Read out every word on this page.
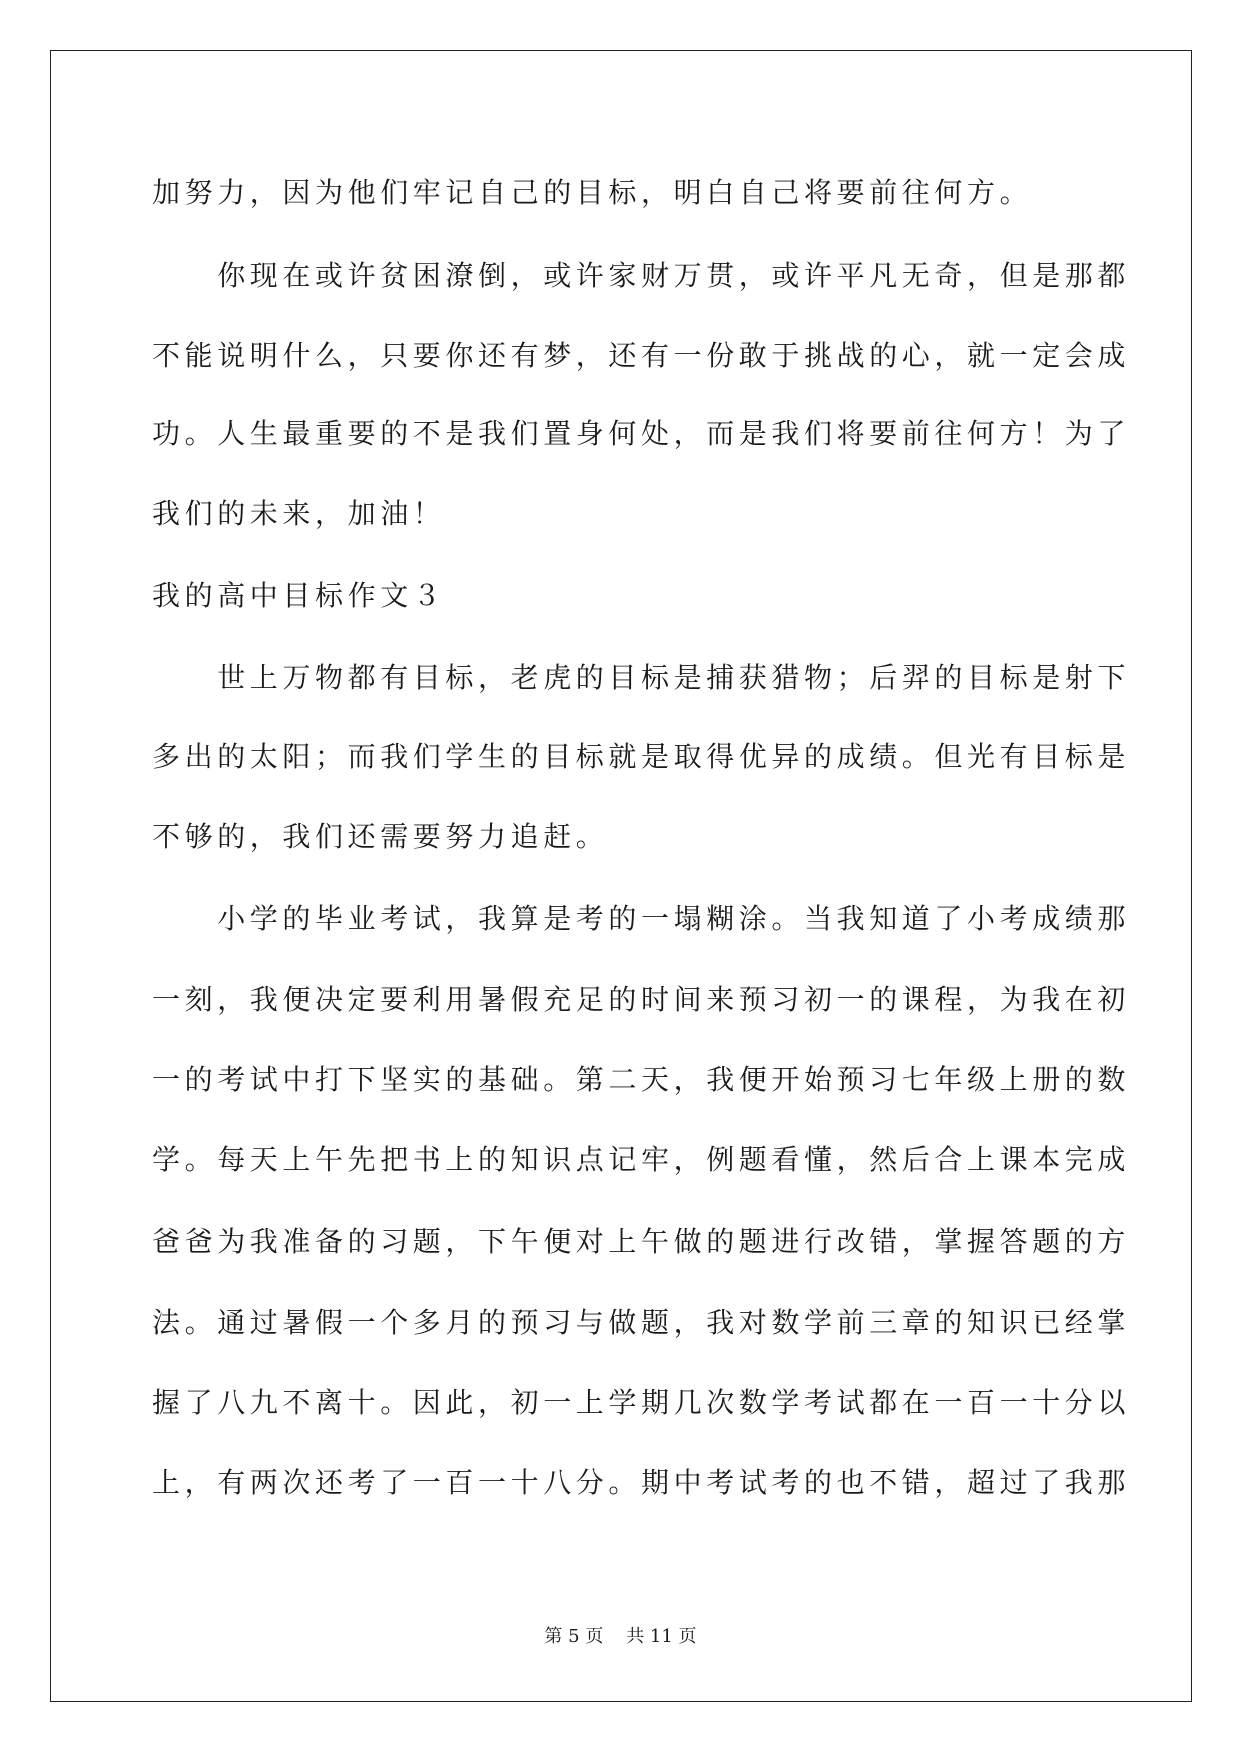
加努力，因为他们牢记自己的目标，明白自己将要前往何方。
　　你现在或许贫困潦倒，或许家财万贯，或许平凡无奇，但是那都
不能说明什么，只要你还有梦，还有一份敢于挑战的心，就一定会成
功。人生最重要的不是我们置身何处，而是我们将要前往何方！为了
我们的未来，加油！
我的高中目标作文３
　　世上万物都有目标，老虎的目标是捕获猎物；后羿的目标是射下
多出的太阳；而我们学生的目标就是取得优异的成绩。但光有目标是
不够的，我们还需要努力追赶。
　　小学的毕业考试，我算是考的一塌糊涂。当我知道了小考成绩那
一刻，我便决定要利用暑假充足的时间来预习初一的课程，为我在初
一的考试中打下坚实的基础。第二天，我便开始预习七年级上册的数
学。每天上午先把书上的知识点记牢，例题看懂，然后合上课本完成
爸爸为我准备的习题，下午便对上午做的题进行改错，掌握答题的方
法。通过暑假一个多月的预习与做题，我对数学前三章的知识已经掌
握了八九不离十。因此，初一上学期几次数学考试都在一百一十分以
上，有两次还考了一百一十八分。期中考试考的也不错，超过了我那
第 5 页    共 11 页
